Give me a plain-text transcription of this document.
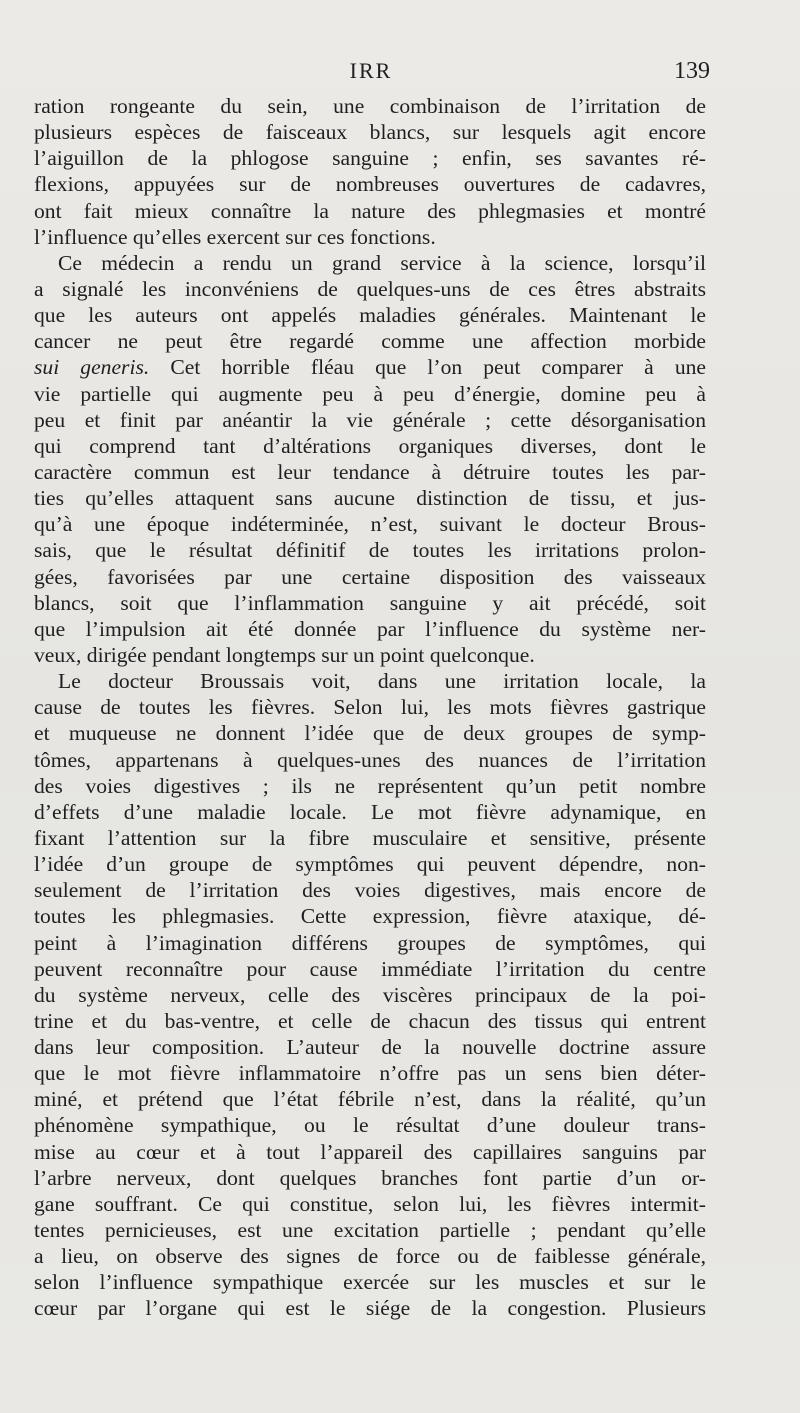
IRR	139
ration rongeante du sein, une combinaison de l’irritation de
plusieurs espèces de faisceaux blancs, sur lesquels agit encore
l’aiguillon de la phlogose sanguine ; enfin, ses savantes ré-
flexions, appuyées sur de nombreuses ouvertures de cadavres,
ont fait mieux connaître la nature des phlegmasies et montré
l’influence qu’elles exercent sur ces fonctions.
Ce médecin a rendu un grand service à la science, lorsqu’il
a signalé les inconvéniens de quelques-uns de ces êtres abstraits
que les auteurs ont appelés maladies générales. Maintenant le
cancer ne peut être regardé comme une affection morbide
sui generis. Cet horrible fléau que l’on peut comparer à une
vie partielle qui augmente peu à peu d’énergie, domine peu à
peu et finit par anéantir la vie générale ; cette désorganisation
qui comprend tant d’altérations organiques diverses, dont le
caractère commun est leur tendance à détruire toutes les par-
ties qu’elles attaquent sans aucune distinction de tissu, et jus-
qu’à une époque indéterminée, n’est, suivant le docteur Brous-
sais, que le résultat définitif de toutes les irritations prolon-
gées, favorisées par une certaine disposition des vaisseaux
blancs, soit que l’inflammation sanguine y ait précédé, soit
que l’impulsion ait été donnée par l’influence du système ner-
veux, dirigée pendant longtemps sur un point quelconque.
Le docteur Broussais voit, dans une irritation locale, la
cause de toutes les fièvres. Selon lui, les mots fièvres gastrique
et muqueuse ne donnent l’idée que de deux groupes de symp-
tômes, appartenans à quelques-unes des nuances de l’irritation
des voies digestives ; ils ne représentent qu’un petit nombre
d’effets d’une maladie locale. Le mot fièvre adynamique, en
fixant l’attention sur la fibre musculaire et sensitive, présente
l’idée d’un groupe de symptômes qui peuvent dépendre, non-
seulement de l’irritation des voies digestives, mais encore de
toutes les phlegmasies. Cette expression, fièvre ataxique, dé-
peint à l’imagination différens groupes de symptômes, qui
peuvent reconnaître pour cause immédiate l’irritation du centre
du système nerveux, celle des viscères principaux de la poi-
trine et du bas-ventre, et celle de chacun des tissus qui entrent
dans leur composition. L’auteur de la nouvelle doctrine assure
que le mot fièvre inflammatoire n’offre pas un sens bien déter-
miné, et prétend que l’état fébrile n’est, dans la réalité, qu’un
phénomène sympathique, ou le résultat d’une douleur trans-
mise au cœur et à tout l’appareil des capillaires sanguins par
l’arbre nerveux, dont quelques branches font partie d’un or-
gane souffrant. Ce qui constitue, selon lui, les fièvres intermit-
tentes pernicieuses, est une excitation partielle ; pendant qu’elle
a lieu, on observe des signes de force ou de faiblesse générale,
selon l’influence sympathique exercée sur les muscles et sur le
cœur par l’organe qui est le siége de la congestion. Plusieurs
